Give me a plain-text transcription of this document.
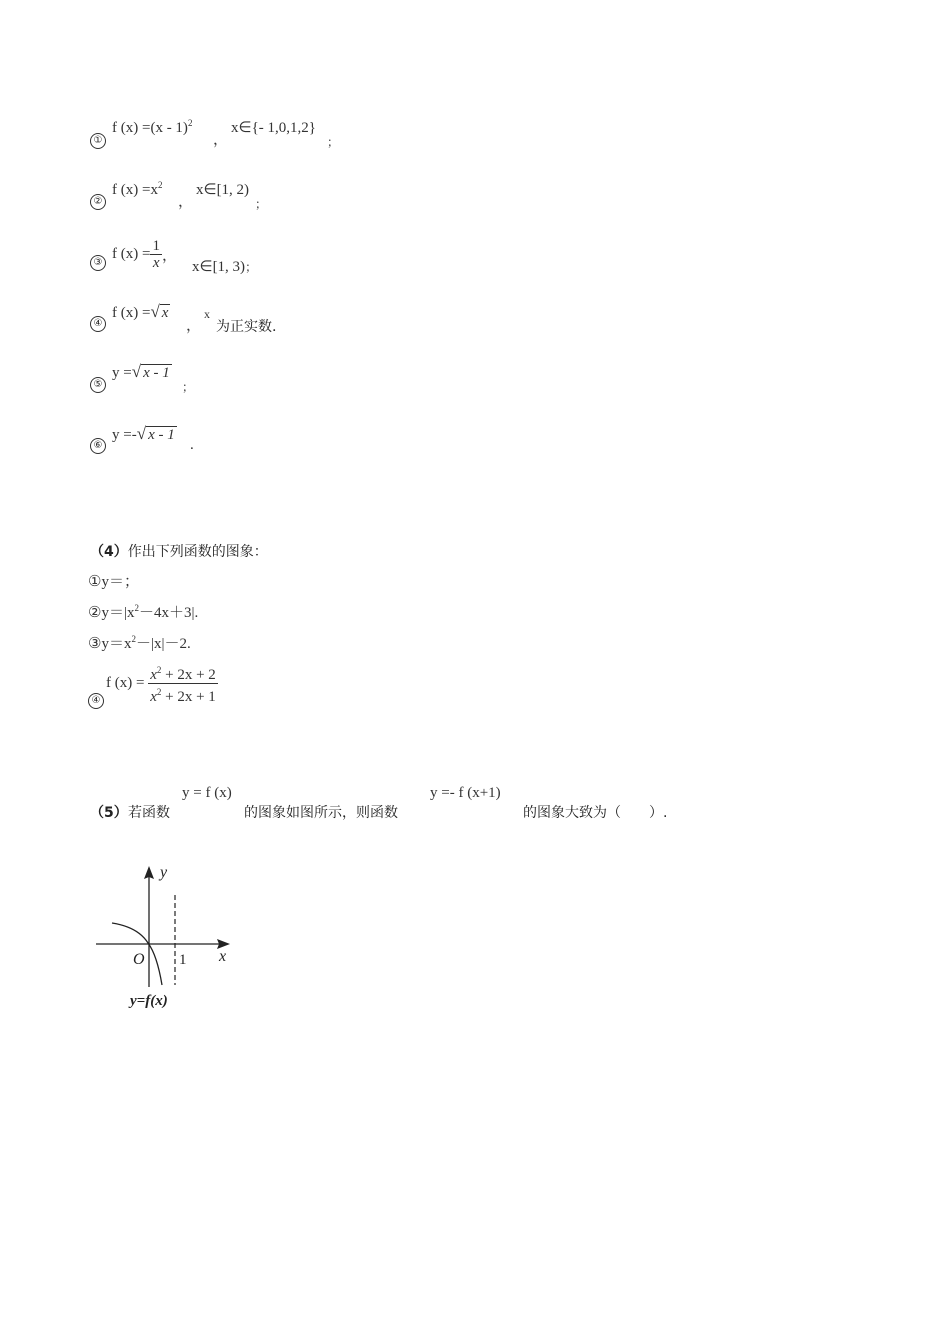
①
f (x) =(x - 1)$^2$
，
x∈{- 1,0,1,2}
；
②
f $(x) =x^2$
，
x∈[1, 2)
；
③
f $(x) = \frac{1}{x}$ ，
x∈[1, 3)；
④
f (x) =√ x
，
x
为正实数.
⑤
y =√ x - 1
；
⑥
y =-√ x - 1
.
（4）作出下列函数的图象：
①y＝；
$②y=|x^2-4x+3|$.
$③y=x^2-|x|-2$.
④
f $(x) = \frac{x^2 + 2x + 2}{x^2 + 2x + 1}$
（5） 若函数
y = f (x)
的图象如图所示，则函数
y =- f (x+1)
的图象大致为（　　）.
y
x
O 1
y=f(x)
